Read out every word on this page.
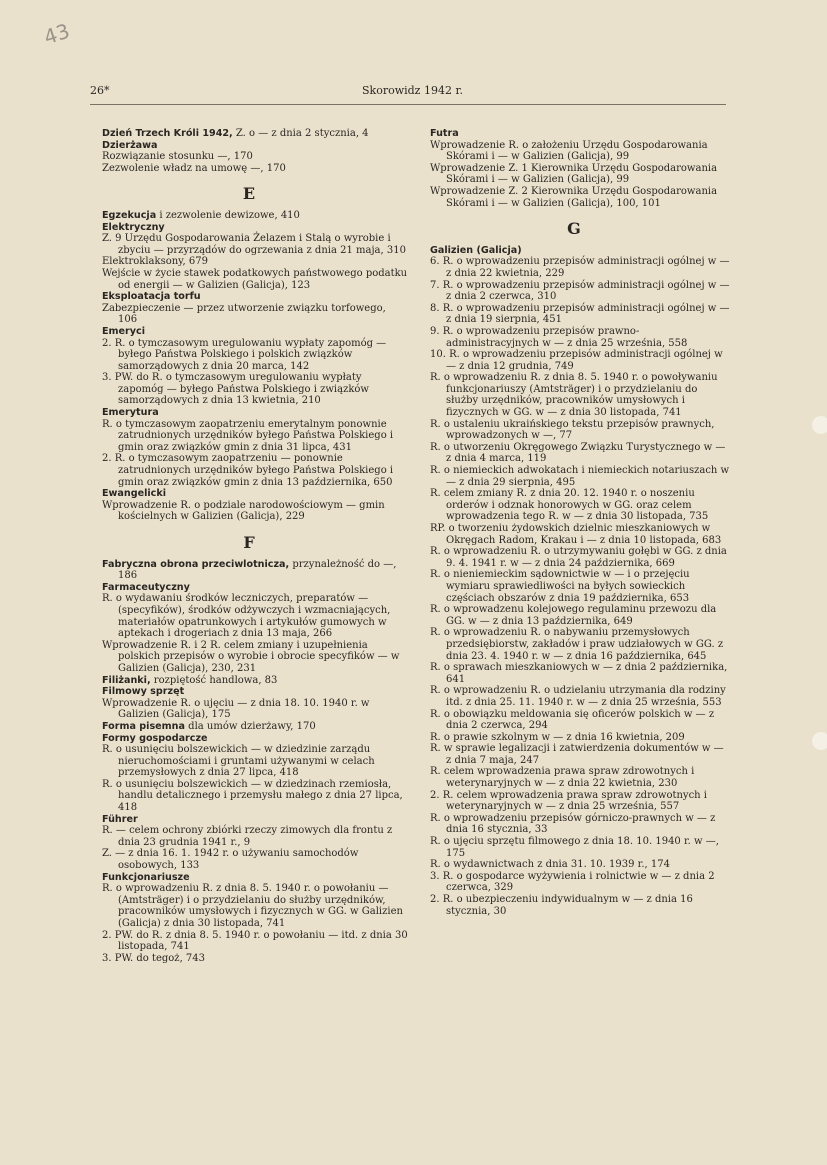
43
26*	Skorowidz 1942 r.
Dzień Trzech Króli 1942, Z. o — z dnia 2 stycznia, 4
Dzierżawa
Rozwiązanie stosunku —, 170
Zezwolenie władz na umowę —, 170
E
Egzekucja i zezwolenie dewizowe, 410
Elektryczny
Z. 9 Urzędu Gospodarowania Żelazem i Stalą o wyrobie i zbyciu — przyrządów do ogrzewania z dnia 21 maja, 310
Elektroklaksony, 679
Wejście w życie stawek podatkowych państwowego podatku od energii — w Galizien (Galicja), 123
Eksploatacja torfu
Zabezpieczenie — przez utworzenie związku torfowego, 106
Emeryci
2. R. o tymczasowym uregulowaniu wypłaty zapomóg — byłego Państwa Polskiego i polskich związków samorządowych z dnia 20 marca, 142
3. PW. do R. o tymczasowym uregulowaniu wypłaty zapomóg — byłego Państwa Polskiego i związków samorządowych z dnia 13 kwietnia, 210
Emerytura
R. o tymczasowym zaopatrzeniu emerytalnym ponownie zatrudnionych urzędników byłego Państwa Polskiego i gmin oraz związków gmin z dnia 31 lipca, 431
2. R. o tymczasowym zaopatrzeniu — ponownie zatrudnionych urzędników byłego Państwa Polskiego i gmin oraz związków gmin z dnia 13 października, 650
Ewangelicki
Wprowadzenie R. o podziale narodowościowym — gmin kościelnych w Galizien (Galicja), 229
F
Fabryczna obrona przeciwlotnicza, przynależność do —, 186
Farmaceutyczny
R. o wydawaniu środków leczniczych, preparatów — (specyfików), środków odżywczych i wzmacniających, materiałów opatrunkowych i artykułów gumowych w aptekach i drogeriach z dnia 13 maja, 266
Wprowadzenie R. i 2 R. celem zmiany i uzupełnienia polskich przepisów o wyrobie i obrocie specyfików — w Galizien (Galicja), 230, 231
Filiżanki, rozpiętość handlowa, 83
Filmowy sprzęt
Wprowadzenie R. o ujęciu — z dnia 18. 10. 1940 r. w Galizien (Galicja), 175
Forma pisemna dla umów dzierżawy, 170
Formy gospodarcze
R. o usunięciu bolszewickich — w dziedzinie zarządu nieruchomościami i gruntami używanymi w celach przemysłowych z dnia 27 lipca, 418
R. o usunięciu bolszewickich — w dziedzinach rzemiosła, handlu detalicznego i przemysłu małego z dnia 27 lipca, 418
Führer
R. — celem ochrony zbiórki rzeczy zimowych dla frontu z dnia 23 grudnia 1941 r., 9
Z. — z dnia 16. 1. 1942 r. o używaniu samochodów osobowych, 133
Funkcjonariusze
R. o wprowadzeniu R. z dnia 8. 5. 1940 r. o powołaniu — (Amtsträger) i o przydzielaniu do służby urzędników, pracowników umysłowych i fizycznych w GG. w Galizien (Galicja) z dnia 30 listopada, 741
2. PW. do R. z dnia 8. 5. 1940 r. o powołaniu — itd. z dnia 30 listopada, 741
3. PW. do tegoż, 743
Futra
Wprowadzenie R. o założeniu Urzędu Gospodarowania Skórami i — w Galizien (Galicja), 99
Wprowadzenie Z. 1 Kierownika Urzędu Gospodarowania Skórami i — w Galizien (Galicja), 99
Wprowadzenie Z. 2 Kierownika Urzędu Gospodarowania Skórami i — w Galizien (Galicja), 100, 101
G
Galizien (Galicja)
6. R. o wprowadzeniu przepisów administracji ogólnej w — z dnia 22 kwietnia, 229
7. R. o wprowadzeniu przepisów administracji ogólnej w — z dnia 2 czerwca, 310
8. R. o wprowadzeniu przepisów administracji ogólnej w — z dnia 19 sierpnia, 451
9. R. o wprowadzeniu przepisów prawno-administracyjnych w — z dnia 25 września, 558
10. R. o wprowadzeniu przepisów administracji ogólnej w — z dnia 12 grudnia, 749
R. o wprowadzeniu R. z dnia 8. 5. 1940 r. o powoływaniu funkcjonariuszy (Amtsträger) i o przydzielaniu do służby urzędników, pracowników umysłowych i fizycznych w GG. w — z dnia 30 listopada, 741
R. o ustaleniu ukraińskiego tekstu przepisów prawnych, wprowadzonych w —, 77
R. o utworzeniu Okręgowego Związku Turystycznego w — z dnia 4 marca, 119
R. o niemieckich adwokatach i niemieckich notariuszach w — z dnia 29 sierpnia, 495
R. celem zmiany R. z dnia 20. 12. 1940 r. o noszeniu orderów i odznak honorowych w GG. oraz celem wprowadzenia tego R. w — z dnia 30 listopada, 735
RP. o tworzeniu żydowskich dzielnic mieszkaniowych w Okręgach Radom, Krakau i — z dnia 10 listopada, 683
R. o wprowadzeniu R. o utrzymywaniu gołębi w GG. z dnia 9. 4. 1941 r. w — z dnia 24 października, 669
R. o nieniemieckim sądownictwie w — i o przejęciu wymiaru sprawiedliwości na byłych sowieckich częściach obszarów z dnia 19 października, 653
R. o wprowadzenu kolejowego regulaminu przewozu dla GG. w — z dnia 13 października, 649
R. o wprowadzeniu R. o nabywaniu przemysłowych przedsiębiorstw, zakładów i praw udziałowych w GG. z dnia 23. 4. 1940 r. w — z dnia 16 października, 645
R. o sprawach mieszkaniowych w — z dnia 2 października, 641
R. o wprowadzeniu R. o udzielaniu utrzymania dla rodziny itd. z dnia 25. 11. 1940 r. w — z dnia 25 września, 553
R. o obowiązku meldowania się oficerów polskich w — z dnia 2 czerwca, 294
R. o prawie szkolnym w — z dnia 16 kwietnia, 209
R. w sprawie legalizacji i zatwierdzenia dokumentów w — z dnia 7 maja, 247
R. celem wprowadzenia prawa spraw zdrowotnych i weterynaryjnych w — z dnia 22 kwietnia, 230
2. R. celem wprowadzenia prawa spraw zdrowotnych i weterynaryjnych w — z dnia 25 września, 557
R. o wprowadzeniu przepisów górniczo-prawnych w — z dnia 16 stycznia, 33
R. o ujęciu sprzętu filmowego z dnia 18. 10. 1940 r. w —, 175
R. o wydawnictwach z dnia 31. 10. 1939 r., 174
3. R. o gospodarce wyżywienia i rolnictwie w — z dnia 2 czerwca, 329
2. R. o ubezpieczeniu indywidualnym w — z dnia 16 stycznia, 30
